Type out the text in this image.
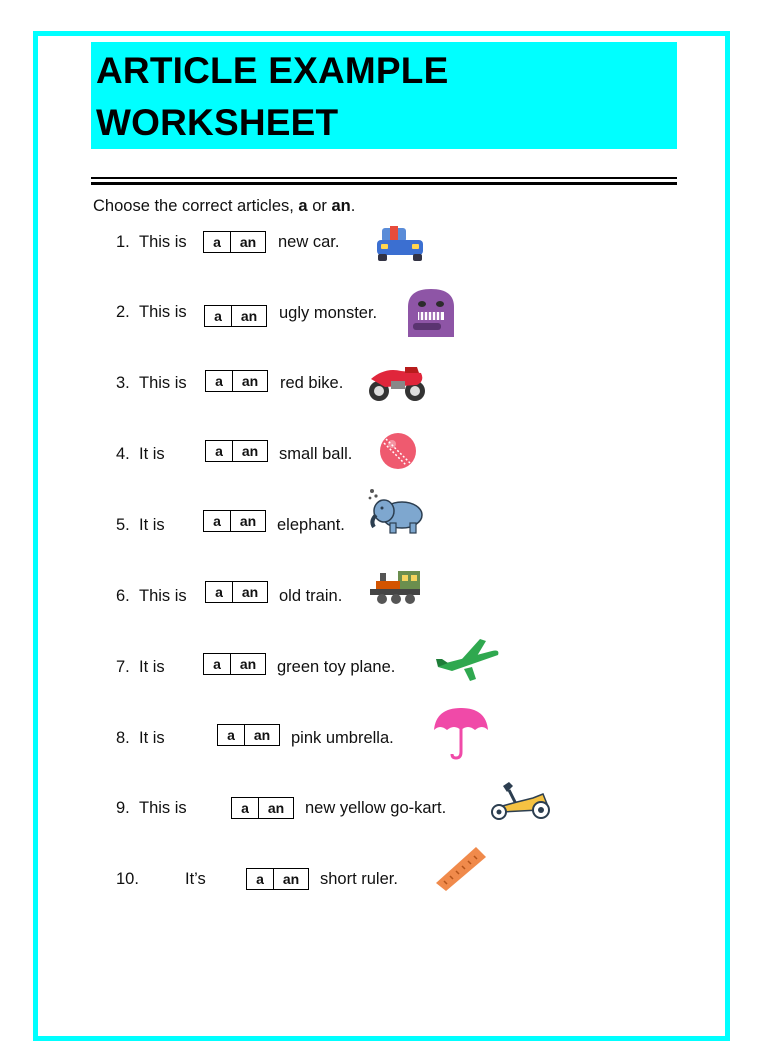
ARTICLE EXAMPLE
WORKSHEET
Choose the correct articles, a or an.
1. This is	a	an	new car.
2. This is	a	an	ugly monster.
3. This is	a	an	red bike.
4. It is	a	an	small ball.
5. It is	a	an	elephant.
6. This is	a	an	old train.
7. It is	a	an	green toy plane.
8. It is	a	an	pink umbrella.
9. This is	a	an	new yellow go-kart.
10.	It’s	a	an	short ruler.
